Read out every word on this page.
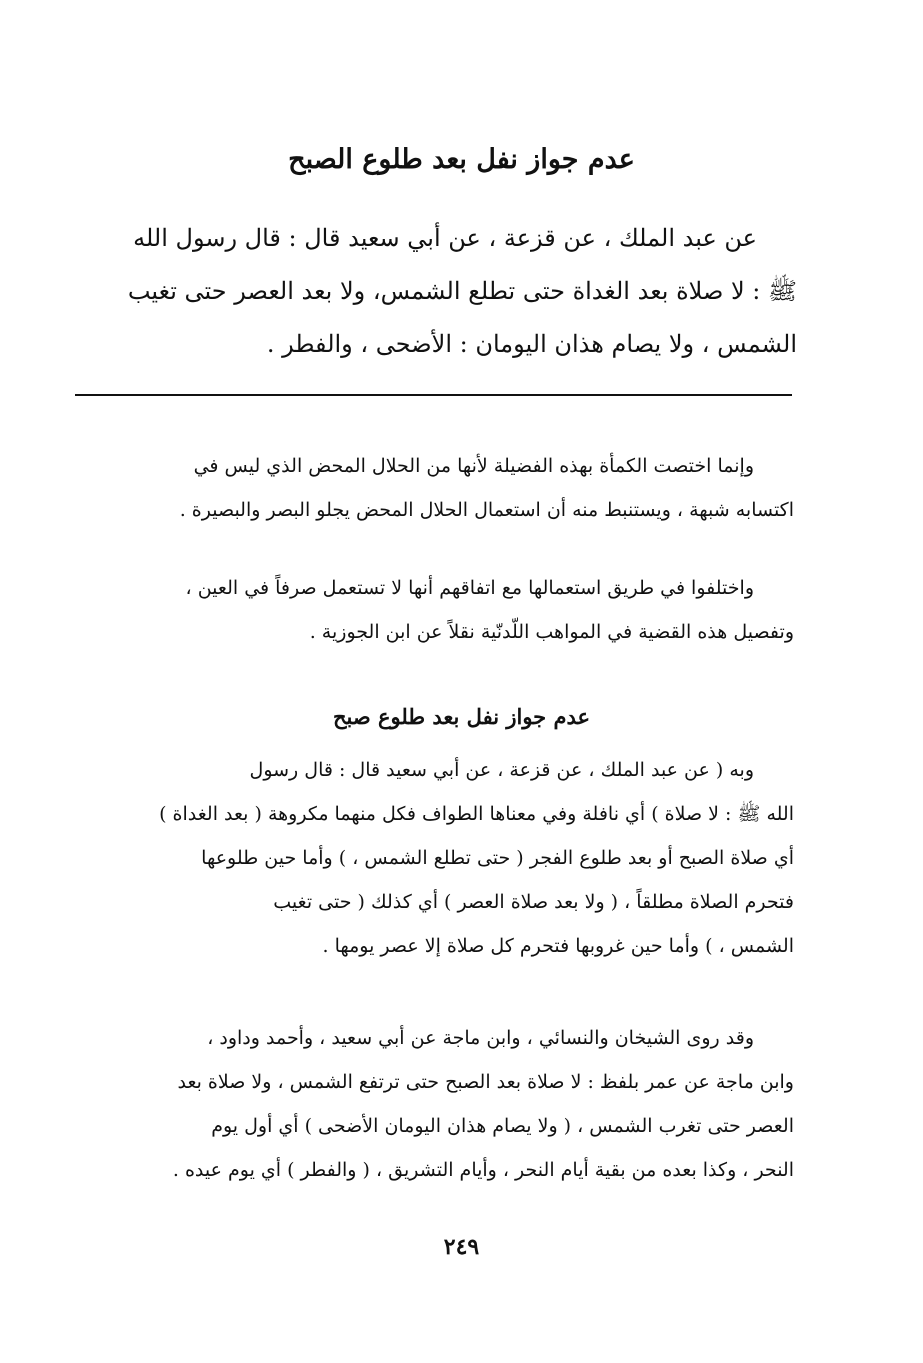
عدم جواز نفل بعد طلوع الصبح
عن عبد الملك ، عن قزعة ، عن أبي سعيد قال : قال رسول الله
ﷺ : لا صلاة بعد الغداة حتى تطلع الشمس، ولا بعد العصر حتى تغيب
الشمس ، ولا يصام هذان اليومان : الأضحى ، والفطر .
وإنما اختصت الكمأة بهذه الفضيلة لأنها من الحلال المحض الذي ليس في
اكتسابه شبهة ، ويستنبط منه أن استعمال الحلال المحض يجلو البصر والبصيرة .
واختلفوا في طريق استعمالها مع اتفاقهم أنها لا تستعمل صرفاً في العين ،
وتفصيل هذه القضية في المواهب اللّدنّية نقلاً عن ابن الجوزية .
عدم جواز نفل بعد طلوع صبح
وبه ( عن عبد الملك ، عن قزعة ، عن أبي سعيد قال : قال رسول
الله ﷺ : لا صلاة ) أي نافلة وفي معناها الطواف فكل منهما مكروهة ( بعد الغداة )
أي صلاة الصبح أو بعد طلوع الفجر ( حتى تطلع الشمس ، ) وأما حين طلوعها
فتحرم الصلاة مطلقاً ، ( ولا بعد صلاة العصر ) أي كذلك ( حتى تغيب
الشمس ، ) وأما حين غروبها فتحرم كل صلاة إلا عصر يومها .
وقد روى الشيخان والنسائي ، وابن ماجة عن أبي سعيد ، وأحمد وداود ،
وابن ماجة عن عمر بلفظ : لا صلاة بعد الصبح حتى ترتفع الشمس ، ولا صلاة بعد
العصر حتى تغرب الشمس ، ( ولا يصام هذان اليومان الأضحى ) أي أول يوم
النحر ، وكذا بعده من بقية أيام النحر ، وأيام التشريق ، ( والفطر ) أي يوم عيده .
٢٤٩
